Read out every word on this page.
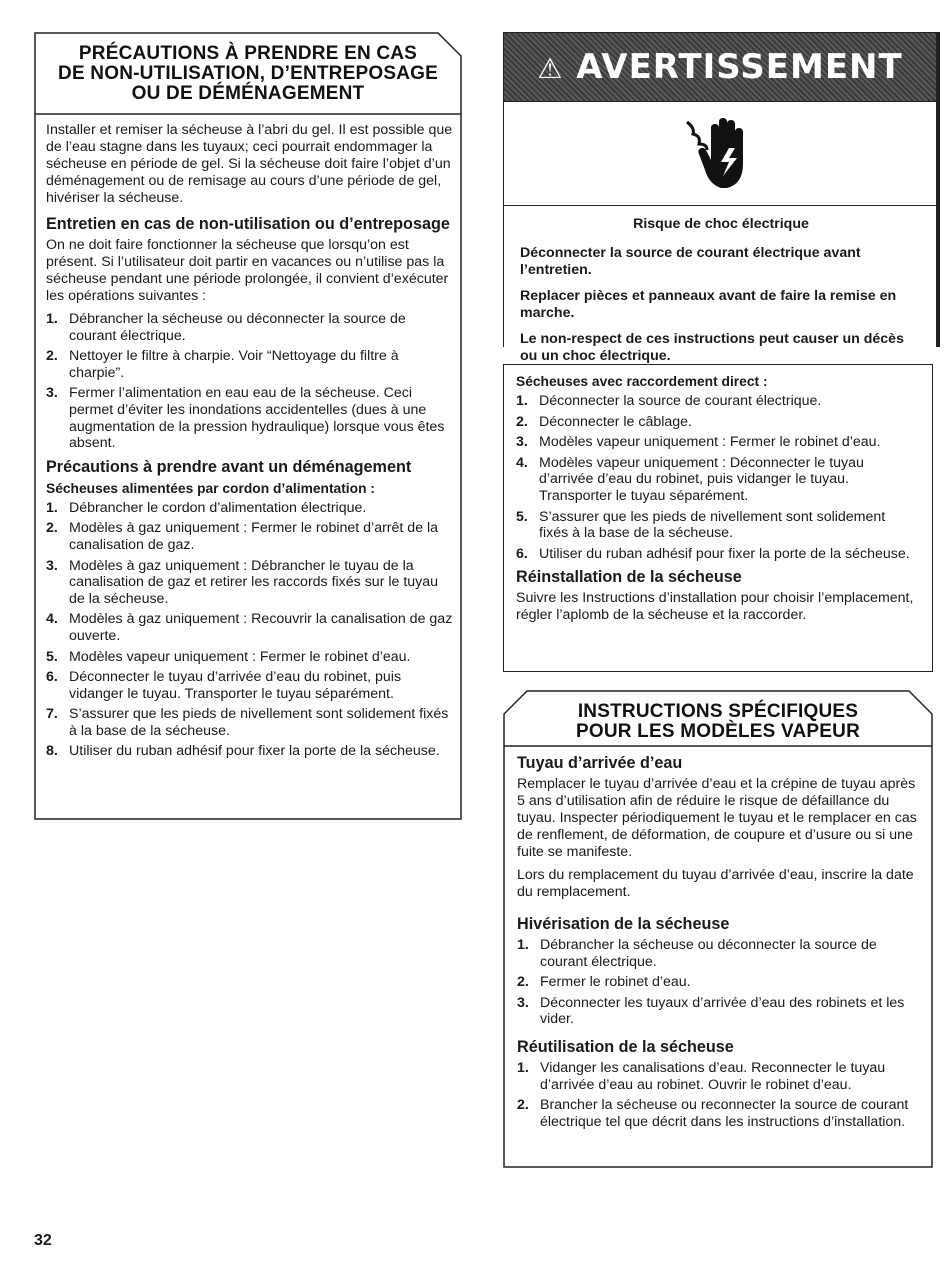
PRÉCAUTIONS À PRENDRE EN CAS
DE NON-UTILISATION, D’ENTREPOSAGE
OU DE DÉMÉNAGEMENT

Installer et remiser la sécheuse à l’abri du gel. Il est possible que de l’eau stagne dans les tuyaux; ceci pourrait endommager la sécheuse en période de gel. Si la sécheuse doit faire l’objet d’un déménagement ou de remisage au cours d’une période de gel, hivériser la sécheuse.

Entretien en cas de non-utilisation ou d’entreposage

On ne doit faire fonctionner la sécheuse que lorsqu’on est présent. Si l’utilisateur doit partir en vacances ou n’utilise pas la sécheuse pendant une période prolongée, il convient d’exécuter les opérations suivantes :

1. Débrancher la sécheuse ou déconnecter la source de courant électrique.
2. Nettoyer le filtre à charpie. Voir “Nettoyage du filtre à charpie”.
3. Fermer l’alimentation en eau eau de la sécheuse. Ceci permet d’éviter les inondations accidentelles (dues à une augmentation de la pression hydraulique) lorsque vous êtes absent.
Précautions à prendre avant un déménagement
Sécheuses alimentées par cordon d’alimentation :
1. Débrancher le cordon d’alimentation électrique.
2. Modèles à gaz uniquement : Fermer le robinet d’arrêt de la canalisation de gaz.
3. Modèles à gaz uniquement : Débrancher le tuyau de la canalisation de gaz et retirer les raccords fixés sur le tuyau de la sécheuse.
4. Modèles à gaz uniquement : Recouvrir la canalisation de gaz ouverte.
5. Modèles vapeur uniquement : Fermer le robinet d’eau.
6. Déconnecter le tuyau d’arrivée d’eau du robinet, puis vidanger le tuyau. Transporter le tuyau séparément.
7. S’assurer que les pieds de nivellement sont solidement fixés à la base de la sécheuse.
8. Utiliser du ruban adhésif pour fixer la porte de la sécheuse.
⚠ AVERTISSEMENT

Risque de choc électrique

Déconnecter la source de courant électrique avant l’entretien.

Replacer pièces et panneaux avant de faire la remise en marche.

Le non-respect de ces instructions peut causer un décès ou un choc électrique.

Sécheuses avec raccordement direct :
1. Déconnecter la source de courant électrique.
2. Déconnecter le câblage.
3. Modèles vapeur uniquement : Fermer le robinet d’eau.
4. Modèles vapeur uniquement : Déconnecter le tuyau d’arrivée d’eau du robinet, puis vidanger le tuyau. Transporter le tuyau séparément.
5. S’assurer que les pieds de nivellement sont solidement fixés à la base de la sécheuse.
6. Utiliser du ruban adhésif pour fixer la porte de la sécheuse.
Réinstallation de la sécheuse

Suivre les Instructions d’installation pour choisir l’emplacement, régler l’aplomb de la sécheuse et la raccorder.

INSTRUCTIONS SPÉCIFIQUES
POUR LES MODÈLES VAPEUR
Tuyau d’arrivée d’eau

Remplacer le tuyau d’arrivée d’eau et la crépine de tuyau après 5 ans d’utilisation afin de réduire le risque de défaillance du tuyau. Inspecter périodiquement le tuyau et le remplacer en cas de renflement, de déformation, de coupure et d’usure ou si une fuite se manifeste.

Lors du remplacement du tuyau d’arrivée d’eau, inscrire la date du remplacement.

Hivérisation de la sécheuse
1. Débrancher la sécheuse ou déconnecter la source de courant électrique.
2. Fermer le robinet d’eau.
3. Déconnecter les tuyaux d’arrivée d’eau des robinets et les vider.
Réutilisation de la sécheuse
1. Vidanger les canalisations d’eau. Reconnecter le tuyau d’arrivée d’eau au robinet. Ouvrir le robinet d’eau.
2. Brancher la sécheuse ou reconnecter la source de courant électrique tel que décrit dans les instructions d’installation.
32
